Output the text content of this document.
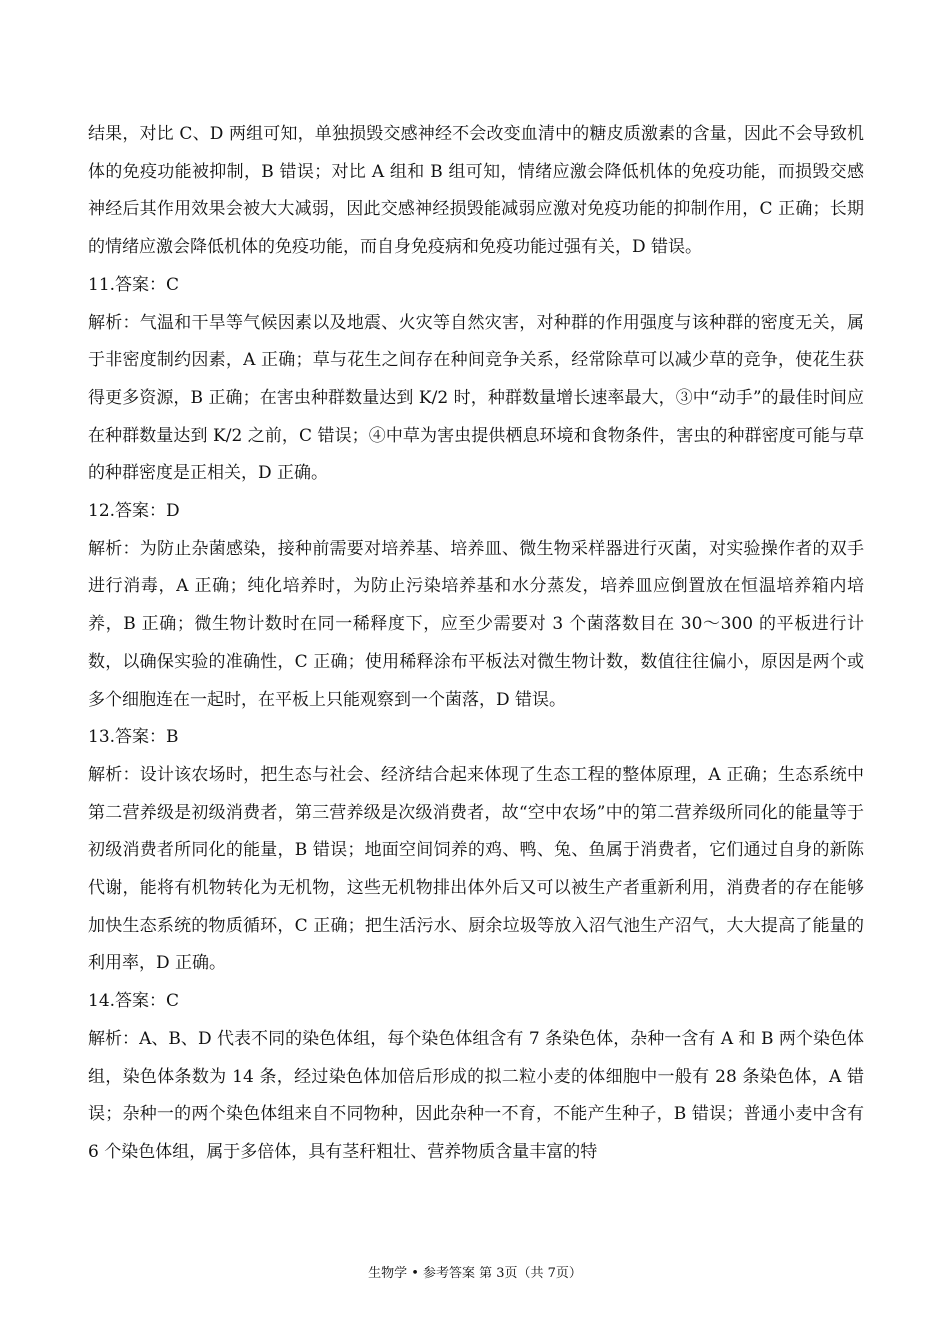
结果，对比 C、D 两组可知，单独损毁交感神经不会改变血清中的糖皮质激素的含量，因此不会导致机体的免疫功能被抑制，B 错误；对比 A 组和 B 组可知，情绪应激会降低机体的免疫功能，而损毁交感神经后其作用效果会被大大减弱，因此交感神经损毁能减弱应激对免疫功能的抑制作用，C 正确；长期的情绪应激会降低机体的免疫功能，而自身免疫病和免疫功能过强有关，D 错误。

11.答案：C

解析：气温和干旱等气候因素以及地震、火灾等自然灾害，对种群的作用强度与该种群的密度无关，属于非密度制约因素，A 正确；草与花生之间存在种间竞争关系，经常除草可以减少草的竞争，使花生获得更多资源，B 正确；在害虫种群数量达到 K/2 时，种群数量增长速率最大，③中“动手”的最佳时间应在种群数量达到 K/2 之前，C 错误；④中草为害虫提供栖息环境和食物条件，害虫的种群密度可能与草的种群密度是正相关，D 正确。

12.答案：D

解析：为防止杂菌感染，接种前需要对培养基、培养皿、微生物采样器进行灭菌，对实验操作者的双手进行消毒，A 正确；纯化培养时，为防止污染培养基和水分蒸发，培养皿应倒置放在恒温培养箱内培养，B 正确；微生物计数时在同一稀释度下，应至少需要对 3 个菌落数目在 30～300 的平板进行计数，以确保实验的准确性，C 正确；使用稀释涂布平板法对微生物计数，数值往往偏小，原因是两个或多个细胞连在一起时，在平板上只能观察到一个菌落，D 错误。

13.答案：B

解析：设计该农场时，把生态与社会、经济结合起来体现了生态工程的整体原理，A 正确；生态系统中第二营养级是初级消费者，第三营养级是次级消费者，故“空中农场”中的第二营养级所同化的能量等于初级消费者所同化的能量，B 错误；地面空间饲养的鸡、鸭、兔、鱼属于消费者，它们通过自身的新陈代谢，能将有机物转化为无机物，这些无机物排出体外后又可以被生产者重新利用，消费者的存在能够加快生态系统的物质循环，C 正确；把生活污水、厨余垃圾等放入沼气池生产沼气，大大提高了能量的利用率，D 正确。

14.答案：C

解析：A、B、D 代表不同的染色体组，每个染色体组含有 7 条染色体，杂种一含有 A 和 B 两个染色体组，染色体条数为 14 条，经过染色体加倍后形成的拟二粒小麦的体细胞中一般有 28 条染色体，A 错误；杂种一的两个染色体组来自不同物种，因此杂种一不育，不能产生种子，B 错误；普通小麦中含有 6 个染色体组，属于多倍体，具有茎秆粗壮、营养物质含量丰富的特

生物学 • 参考答案 第 3页（共 7页）
